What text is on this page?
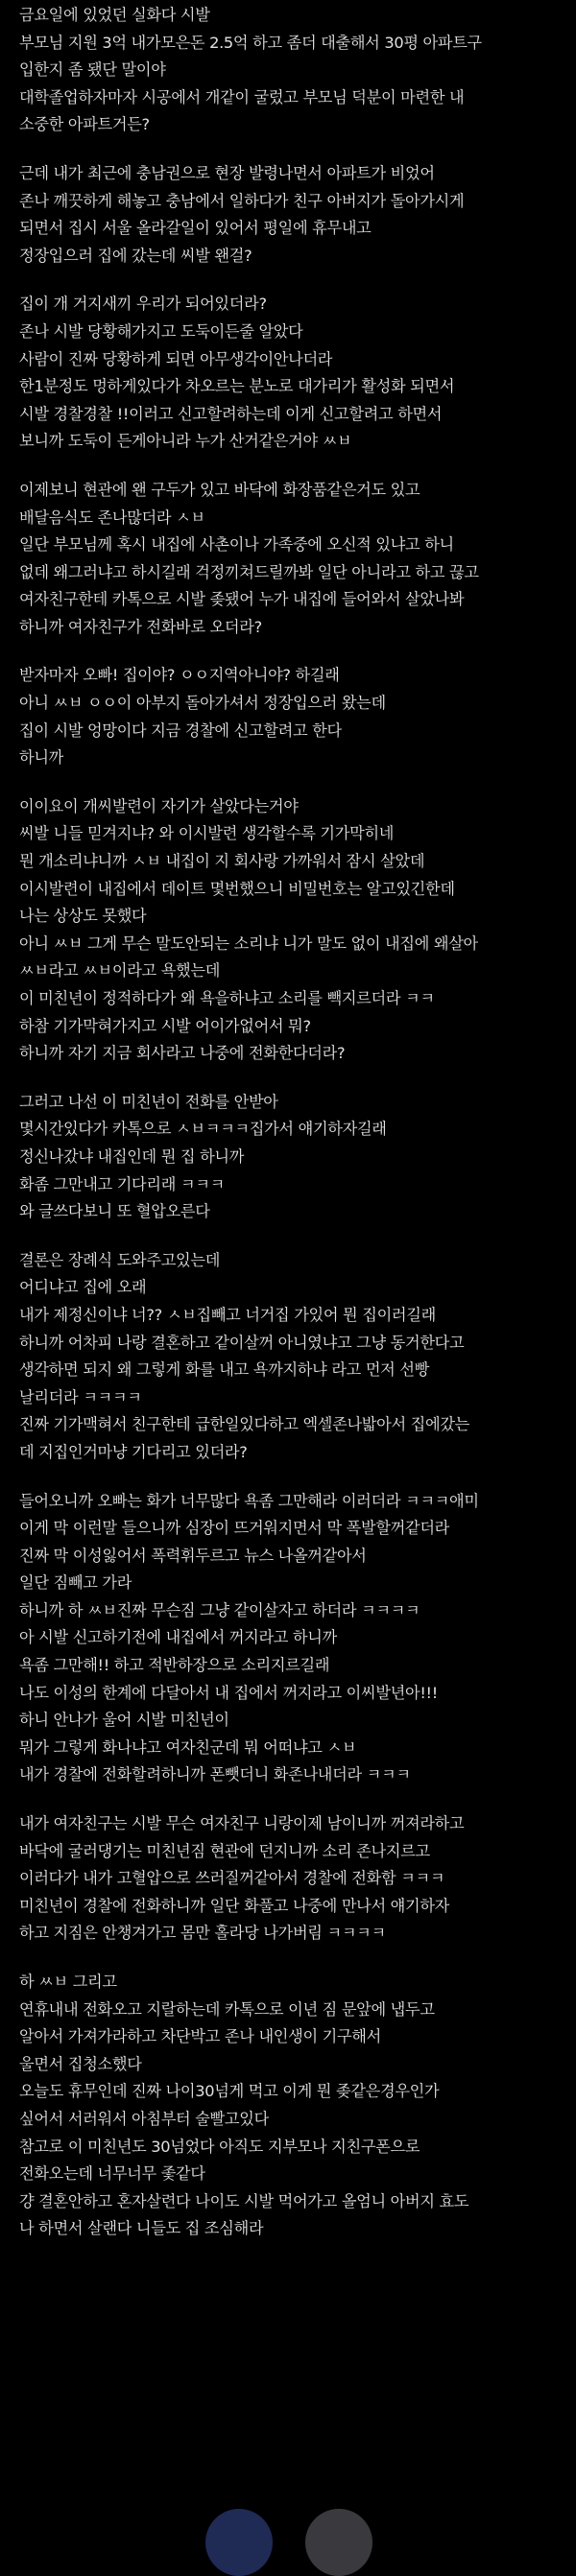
금요일에 있었던 실화다 시발
부모님 지원 3억 내가모은돈 2.5억 하고 좀더 대출해서 30평 아파트구
입한지 좀 됐단 말이야
대학졸업하자마자 시공에서 개같이 굴렀고 부모님 덕분이 마련한 내
소중한 아파트거든?
근데 내가 최근에 충남권으로 현장 발령나면서 아파트가 비었어
존나 깨끗하게 해놓고 충남에서 일하다가 친구 아버지가 돌아가시게
되면서 집시 서울 올라갈일이 있어서 평일에 휴무내고
정장입으러 집에 갔는데 씨발 왠걸?
집이 개 거지새끼 우리가 되어있더라?
존나 시발 당황해가지고 도둑이든줄 알았다
사람이 진짜 당황하게 되면 아무생각이안나더라
한1분정도 멍하게있다가 차오르는 분노로 대가리가 활성화 되면서
시발 경찰경찰 !!이러고 신고할려하는데 이게 신고할려고 하면서
보니까 도둑이 든게아니라 누가 산거같은거야 ㅆㅂ
이제보니 현관에 왠 구두가 있고 바닥에 화장품같은거도 있고
배달음식도 존나많더라 ㅅㅂ
일단 부모님께 혹시 내집에 사촌이나 가족중에 오신적 있냐고 하니
없데 왜그러냐고 하시길래 걱정끼쳐드릴까봐 일단 아니라고 하고 끊고
여자친구한테 카톡으로 시발 좆됐어 누가 내집에 들어와서 살았나봐
하니까 여자친구가 전화바로 오더라?
받자마자 오빠! 집이야? ㅇㅇ지역아니야? 하길래
아니 ㅆㅂ ㅇㅇ이 아부지 돌아가셔서 정장입으러 왔는데
집이 시발 엉망이다 지금 경찰에 신고할려고 한다
하니까
이이요이 개씨발련이 자기가 살았다는거야
씨발 니들 믿겨지냐? 와 이시발련 생각할수록 기가막히네
뭔 개소리냐니까 ㅅㅂ 내집이 지 회사랑 가까워서 잠시 살았데
이시발련이 내집에서 데이트 몇번했으니 비밀번호는 알고있긴한데
나는 상상도 못했다
아니 ㅆㅂ 그게 무슨 말도안되는 소리냐 니가 말도 없이 내집에 왜살아
ㅆㅂ라고 ㅆㅂ이라고 욕했는데
이 미친년이 정적하다가 왜 욕을하냐고 소리를 빽지르더라 ㅋㅋ
하참 기가막혀가지고 시발 어이가없어서 뭐?
하니까 자기 지금 회사라고 나중에 전화한다더라?
그러고 나선 이 미친년이 전화를 안받아
몇시간있다가 카톡으로 ㅅㅂㅋㅋㅋ집가서 얘기하자길래
정신나갔냐 내집인데 뭔 집 하니까
화좀 그만내고 기다리래 ㅋㅋㅋ
와 글쓰다보니 또 혈압오른다
결론은 장례식 도와주고있는데
어디냐고 집에 오래
내가 제정신이냐 너?? ㅅㅂ집빼고 너거집 가있어 뭔 집이러길래
하니까 어차피 나랑 결혼하고 같이살꺼 아니였냐고 그냥 동거한다고
생각하면 되지 왜 그렇게 화를 내고 욕까지하냐 라고 먼저 선빵
날리더라 ㅋㅋㅋㅋ
진짜 기가맥혀서 친구한테 급한일있다하고 엑셀존나밟아서 집에갔는
데 지집인거마냥 기다리고 있더라?
들어오니까 오빠는 화가 너무많다 욕좀 그만해라 이러더라 ㅋㅋㅋ애미
이게 막 이런말 들으니까 심장이 뜨거워지면서 막 폭발할꺼같더라
진짜 막 이성잃어서 폭력휘두르고 뉴스 나올꺼같아서
일단 짐빼고 가라
하니까 하 ㅆㅂ진짜 무슨짐 그냥 같이살자고 하더라 ㅋㅋㅋㅋ
아 시발 신고하기전에 내집에서 꺼지라고 하니까
욕좀 그만해!! 하고 적반하장으로 소리지르길래
나도 이성의 한계에 다달아서 내 집에서 꺼지라고 이씨발년아!!!
하니 안나가 울어 시발 미친년이
뭐가 그렇게 화나냐고 여자친군데 뭐 어떠냐고 ㅅㅂ
내가 경찰에 전화할려하니까 폰뺏더니 화존나내더라 ㅋㅋㅋ
내가 여자친구는 시발 무슨 여자친구 니랑이제 남이니까 꺼져라하고
바닥에 굴러댕기는 미친년짐 현관에 던지니까 소리 존나지르고
이러다가 내가 고혈압으로 쓰러질꺼같아서 경찰에 전화함 ㅋㅋㅋ
미친년이 경찰에 전화하니까 일단 화풀고 나중에 만나서 얘기하자
하고 지짐은 안챙겨가고 몸만 홀라당 나가버림 ㅋㅋㅋㅋ
하 ㅆㅂ 그리고
연휴내내 전화오고 지랄하는데 카톡으로 이년 짐 문앞에 냅두고
알아서 가져가라하고 차단박고 존나 내인생이 기구해서
울면서 집청소했다
오늘도 휴무인데 진짜 나이30넘게 먹고 이게 뭔 좆같은경우인가
싶어서 서러워서 아침부터 술빨고있다
참고로 이 미친년도 30넘었다 아직도 지부모나 지친구폰으로
전화오는데 너무너무 좇같다
걍 결혼안하고 혼자살련다 나이도 시발 먹어가고 올엄니 아버지 효도
나 하면서 살랜다 니들도 집 조심해라
